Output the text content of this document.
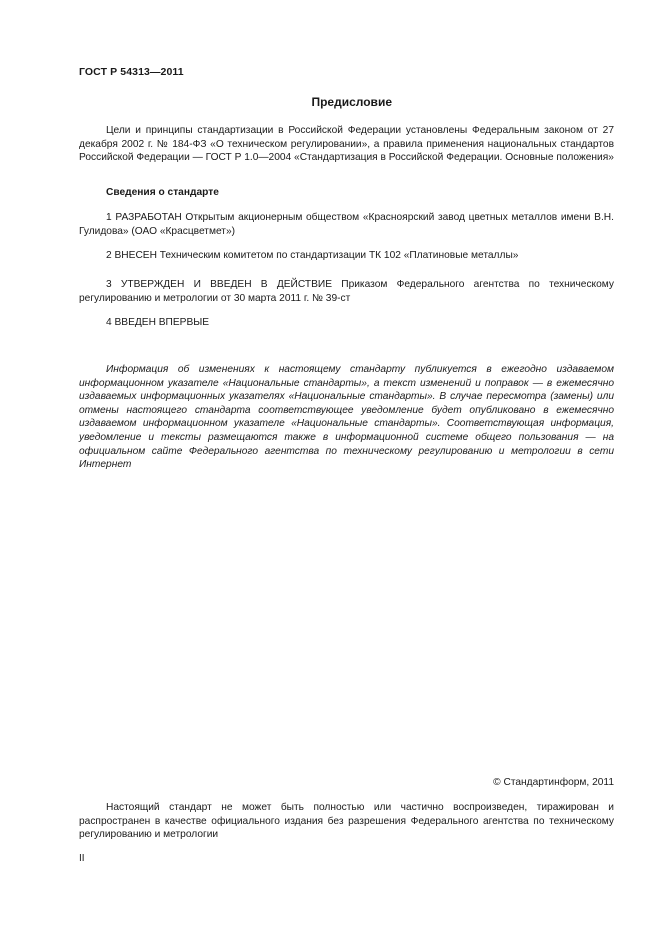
ГОСТ Р 54313—2011
Предисловие

Цели и принципы стандартизации в Российской Федерации установлены Федеральным законом от 27 декабря 2002 г. № 184-ФЗ «О техническом регулировании», а правила применения национальных стандартов Российской Федерации — ГОСТ Р 1.0—2004 «Стандартизация в Российской Федерации. Основные положения»

Сведения о стандарте

1 РАЗРАБОТАН Открытым акционерным обществом «Красноярский завод цветных металлов имени В.Н. Гулидова» (ОАО «Красцветмет»)

2 ВНЕСЕН Техническим комитетом по стандартизации ТК 102 «Платиновые металлы»

3 УТВЕРЖДЕН И ВВЕДЕН В ДЕЙСТВИЕ Приказом Федерального агентства по техническому регулированию и метрологии от 30 марта 2011 г. № 39-ст

4 ВВЕДЕН ВПЕРВЫЕ

Информация об изменениях к настоящему стандарту публикуется в ежегодно издаваемом информационном указателе «Национальные стандарты», а текст изменений и поправок — в ежемесячно издаваемых информационных указателях «Национальные стандарты». В случае пересмотра (замены) или отмены настоящего стандарта соответствующее уведомление будет опубликовано в ежемесячно издаваемом информационном указателе «Национальные стандарты». Соответствующая информация, уведомление и тексты размещаются также в информационной системе общего пользования — на официальном сайте Федерального агентства по техническому регулированию и метрологии в сети Интернет

© Стандартинформ, 2011

Настоящий стандарт не может быть полностью или частично воспроизведен, тиражирован и распространен в качестве официального издания без разрешения Федерального агентства по техническому регулированию и метрологии

II
